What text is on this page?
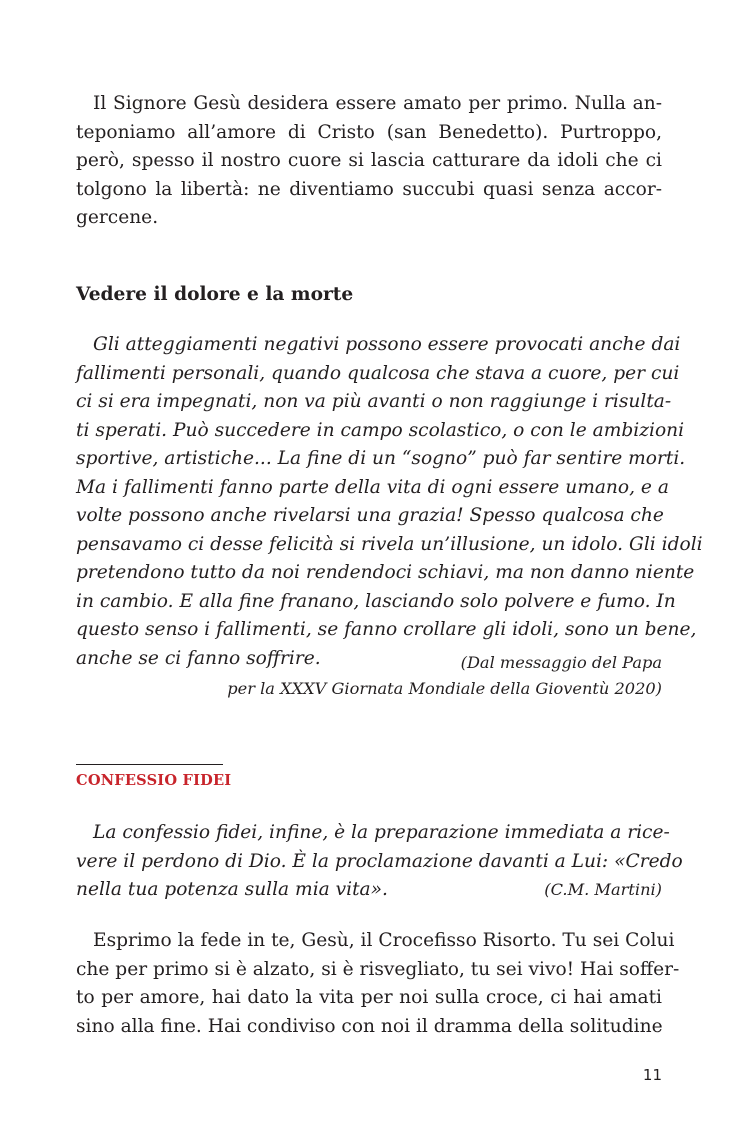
Il Signore Gesù desidera essere amato per primo. Nulla an-
teponiamo all’amore di Cristo (san Benedetto). Purtroppo,
però, spesso il nostro cuore si lascia catturare da idoli che ci
tolgono la libertà: ne diventiamo succubi quasi senza accor-
gercene.
Vedere il dolore e la morte
Gli atteggiamenti negativi possono essere provocati anche dai
fallimenti personali, quando qualcosa che stava a cuore, per cui
ci si era impegnati, non va più avanti o non raggiunge i risulta-
ti sperati. Può succedere in campo scolastico, o con le ambizioni
sportive, artistiche... La fine di un “sogno” può far sentire morti.
Ma i fallimenti fanno parte della vita di ogni essere umano, e a
volte possono anche rivelarsi una grazia! Spesso qualcosa che
pensavamo ci desse felicità si rivela un’illusione, un idolo. Gli idoli
pretendono tutto da noi rendendoci schiavi, ma non danno niente
in cambio. E alla fine franano, lasciando solo polvere e fumo. In
questo senso i fallimenti, se fanno crollare gli idoli, sono un bene,
anche se ci fanno soffrire.	(Dal messaggio del Papa
per la XXXV Giornata Mondiale della Gioventù 2020)
CONFESSIO FIDEI
La confessio fidei, infine, è la preparazione immediata a rice-
vere il perdono di Dio. È la proclamazione davanti a Lui: «Credo
nella tua potenza sulla mia vita».	(C.M. Martini)
Esprimo la fede in te, Gesù, il Crocefisso Risorto. Tu sei Colui
che per primo si è alzato, si è risvegliato, tu sei vivo! Hai soffer-
to per amore, hai dato la vita per noi sulla croce, ci hai amati
sino alla fine. Hai condiviso con noi il dramma della solitudine
11
